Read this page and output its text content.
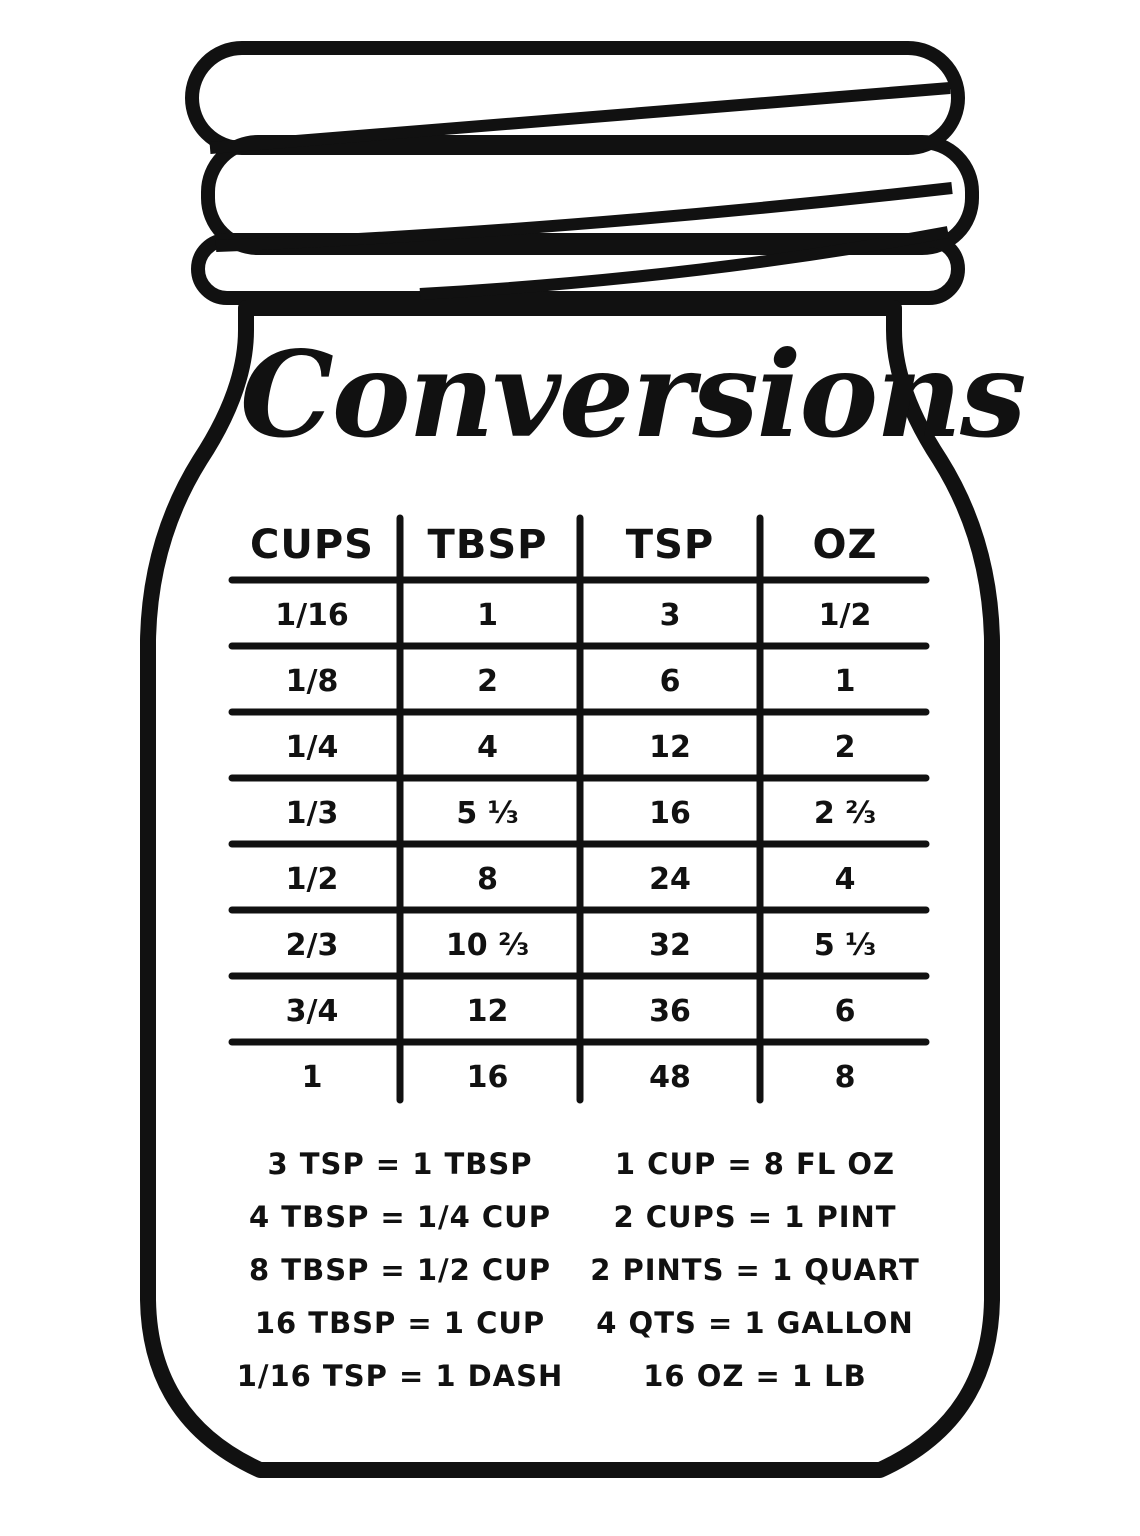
Conversions
CUPS	TBSP	TSP	OZ
1/16	1	3	1/2
1/8	2	6	1
1/4	4	12	2
1/3	5 ⅓	16	2 ⅔
1/2	8	24	4
2/3	10 ⅔	32	5 ⅓
3/4	12	36	6
1	16	48	8
3 TSP = 1 TBSP
4 TBSP = 1/4 CUP
8 TBSP = 1/2 CUP
16 TBSP = 1 CUP
1/16 TSP = 1 DASH
1 CUP = 8 FL OZ
2 CUPS = 1 PINT
2 PINTS = 1 QUART
4 QTS = 1 GALLON
16 OZ = 1 LB
